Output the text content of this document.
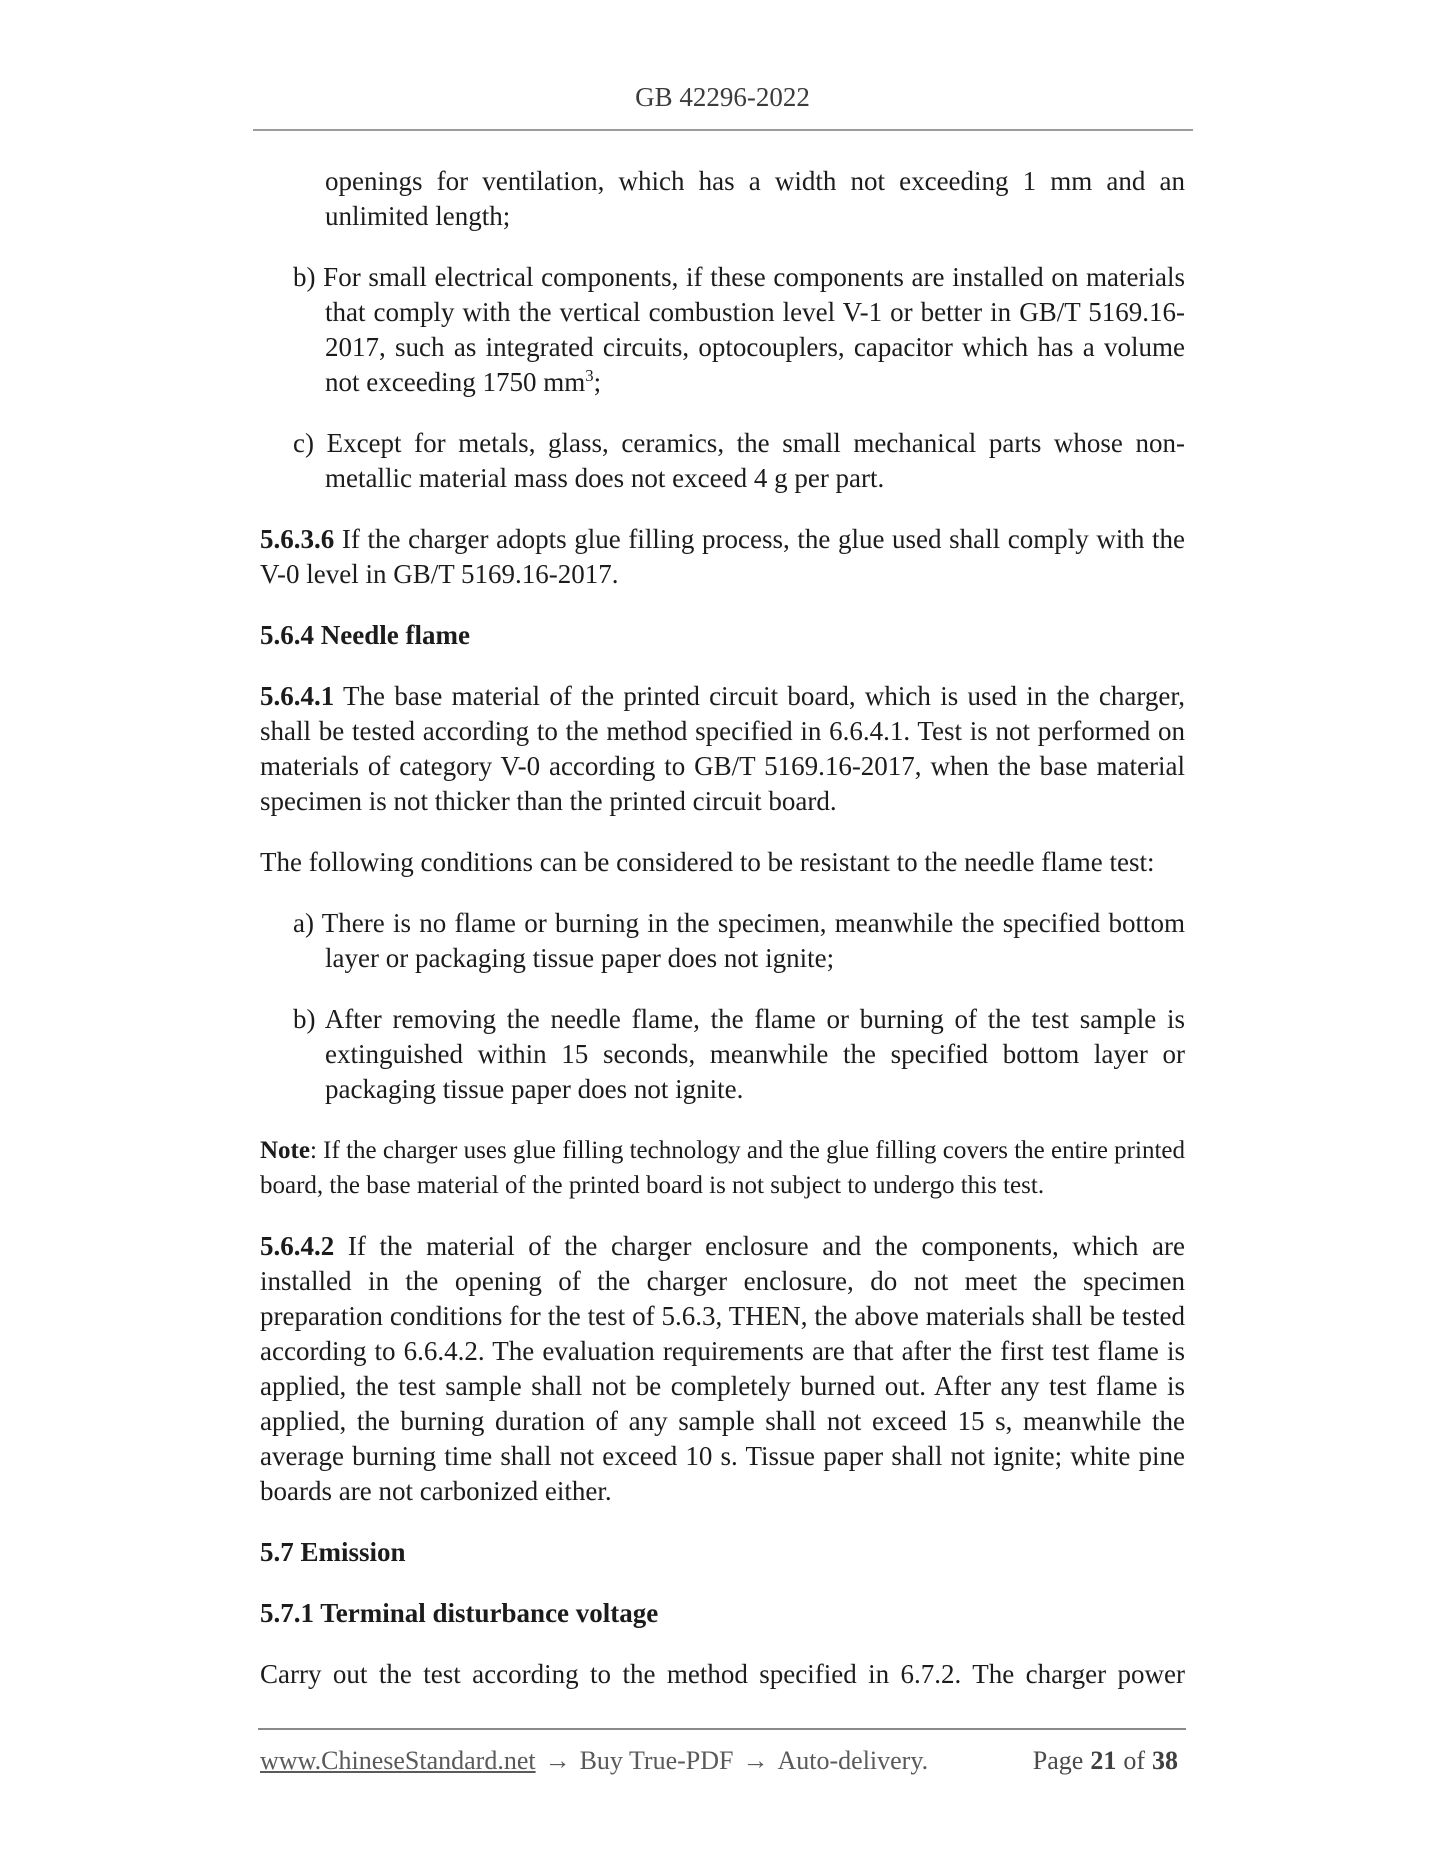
GB 42296-2022
openings for ventilation, which has a width not exceeding 1 mm and an unlimited length;
b) For small electrical components, if these components are installed on materials that comply with the vertical combustion level V-1 or better in GB/T 5169.16-2017, such as integrated circuits, optocouplers, capacitor which has a volume not exceeding 1750 $mm^3$;
c) Except for metals, glass, ceramics, the small mechanical parts whose non-metallic material mass does not exceed 4 g per part.
5.6.3.6 If the charger adopts glue filling process, the glue used shall comply with the V-0 level in GB/T 5169.16-2017.
5.6.4 Needle flame
5.6.4.1 The base material of the printed circuit board, which is used in the charger, shall be tested according to the method specified in 6.6.4.1. Test is not performed on materials of category V-0 according to GB/T 5169.16-2017, when the base material specimen is not thicker than the printed circuit board.
The following conditions can be considered to be resistant to the needle flame test:
a) There is no flame or burning in the specimen, meanwhile the specified bottom layer or packaging tissue paper does not ignite;
b) After removing the needle flame, the flame or burning of the test sample is extinguished within 15 seconds, meanwhile the specified bottom layer or packaging tissue paper does not ignite.
Note: If the charger uses glue filling technology and the glue filling covers the entire printed board, the base material of the printed board is not subject to undergo this test.
5.6.4.2 If the material of the charger enclosure and the components, which are installed in the opening of the charger enclosure, do not meet the specimen preparation conditions for the test of 5.6.3, THEN, the above materials shall be tested according to 6.6.4.2. The evaluation requirements are that after the first test flame is applied, the test sample shall not be completely burned out. After any test flame is applied, the burning duration of any sample shall not exceed 15 s, meanwhile the average burning time shall not exceed 10 s. Tissue paper shall not ignite; white pine boards are not carbonized either.
5.7 Emission
5.7.1 Terminal disturbance voltage
Carry out the test according to the method specified in 6.7.2. The charger power
www.ChineseStandard.net → Buy True-PDF → Auto-delivery.	Page 21 of 38
